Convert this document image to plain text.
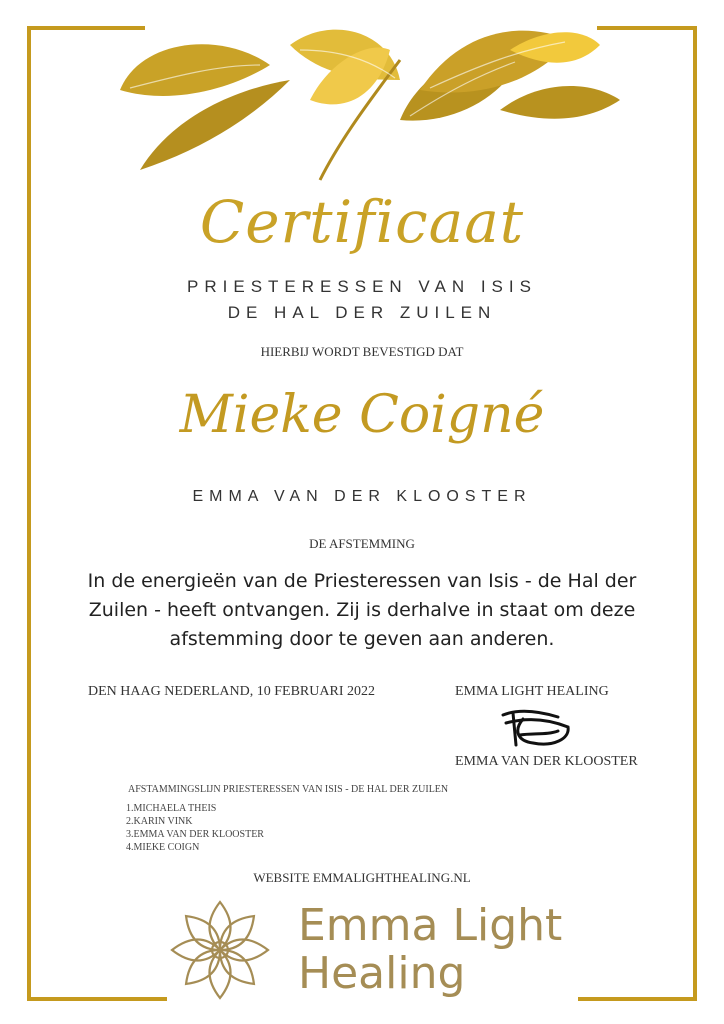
Certificaat
PRIESTERESSEN VAN ISIS
DE HAL DER ZUILEN
HIERBIJ WORDT BEVESTIGD DAT
Mieke Coigné
EMMA VAN DER KLOOSTER
DE AFSTEMMING
In de energieën van de Priesteressen van Isis - de Hal der
Zuilen - heeft ontvangen. Zij is derhalve in staat om deze
afstemming door te geven aan anderen.
DEN HAAG NEDERLAND, 10 FEBRUARI 2022	EMMA LIGHT HEALING
EMMA VAN DER KLOOSTER
AFSTAMMINGSLIJN PRIESTERESSEN VAN ISIS - DE HAL DER ZUILEN
1.MICHAELA THEIS
2.KARIN VINK
3.EMMA VAN DER KLOOSTER
4.MIEKE COIGN
WEBSITE EMMALIGHTHEALING.NL
Emma Light
Healing
